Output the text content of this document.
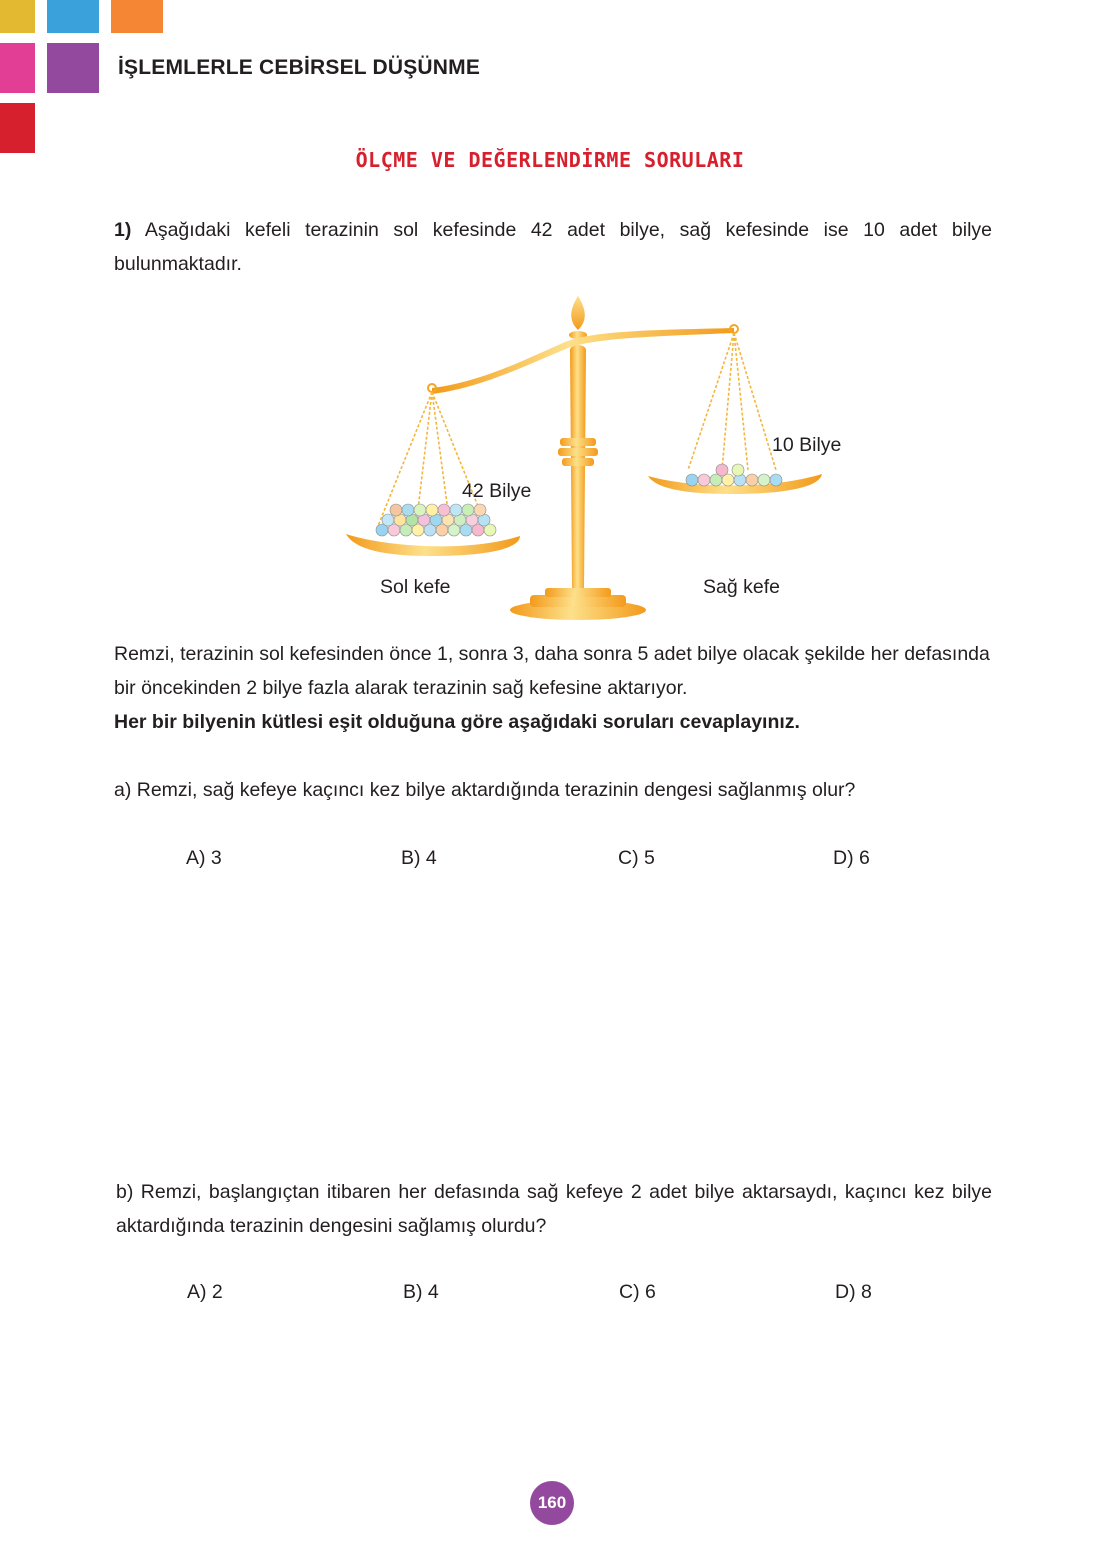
İŞLEMLERLE CEBİRSEL DÜŞÜNME
ÖLÇME VE DEĞERLENDİRME SORULARI
1) Aşağıdaki kefeli terazinin sol kefesinde 42 adet bilye, sağ kefesinde ise 10 adet bilye bulunmaktadır.
42 Bilye
10 Bilye
Sol kefe	Sağ kefe
Remzi, terazinin sol kefesinden önce 1, sonra 3, daha sonra 5 adet bilye olacak şekilde her defasında bir öncekinden 2 bilye fazla alarak terazinin sağ kefesine aktarıyor.
Her bir bilyenin kütlesi eşit olduğuna göre aşağıdaki soruları cevaplayınız.
a) Remzi, sağ kefeye kaçıncı kez bilye aktardığında terazinin dengesi sağlanmış olur?
A) 3	B) 4	C) 5	D) 6
b) Remzi, başlangıçtan itibaren her defasında sağ kefeye 2 adet bilye aktarsaydı, kaçıncı kez bilye aktardığında terazinin dengesini sağlamış olurdu?
A) 2	B) 4	C) 6	D) 8
160
